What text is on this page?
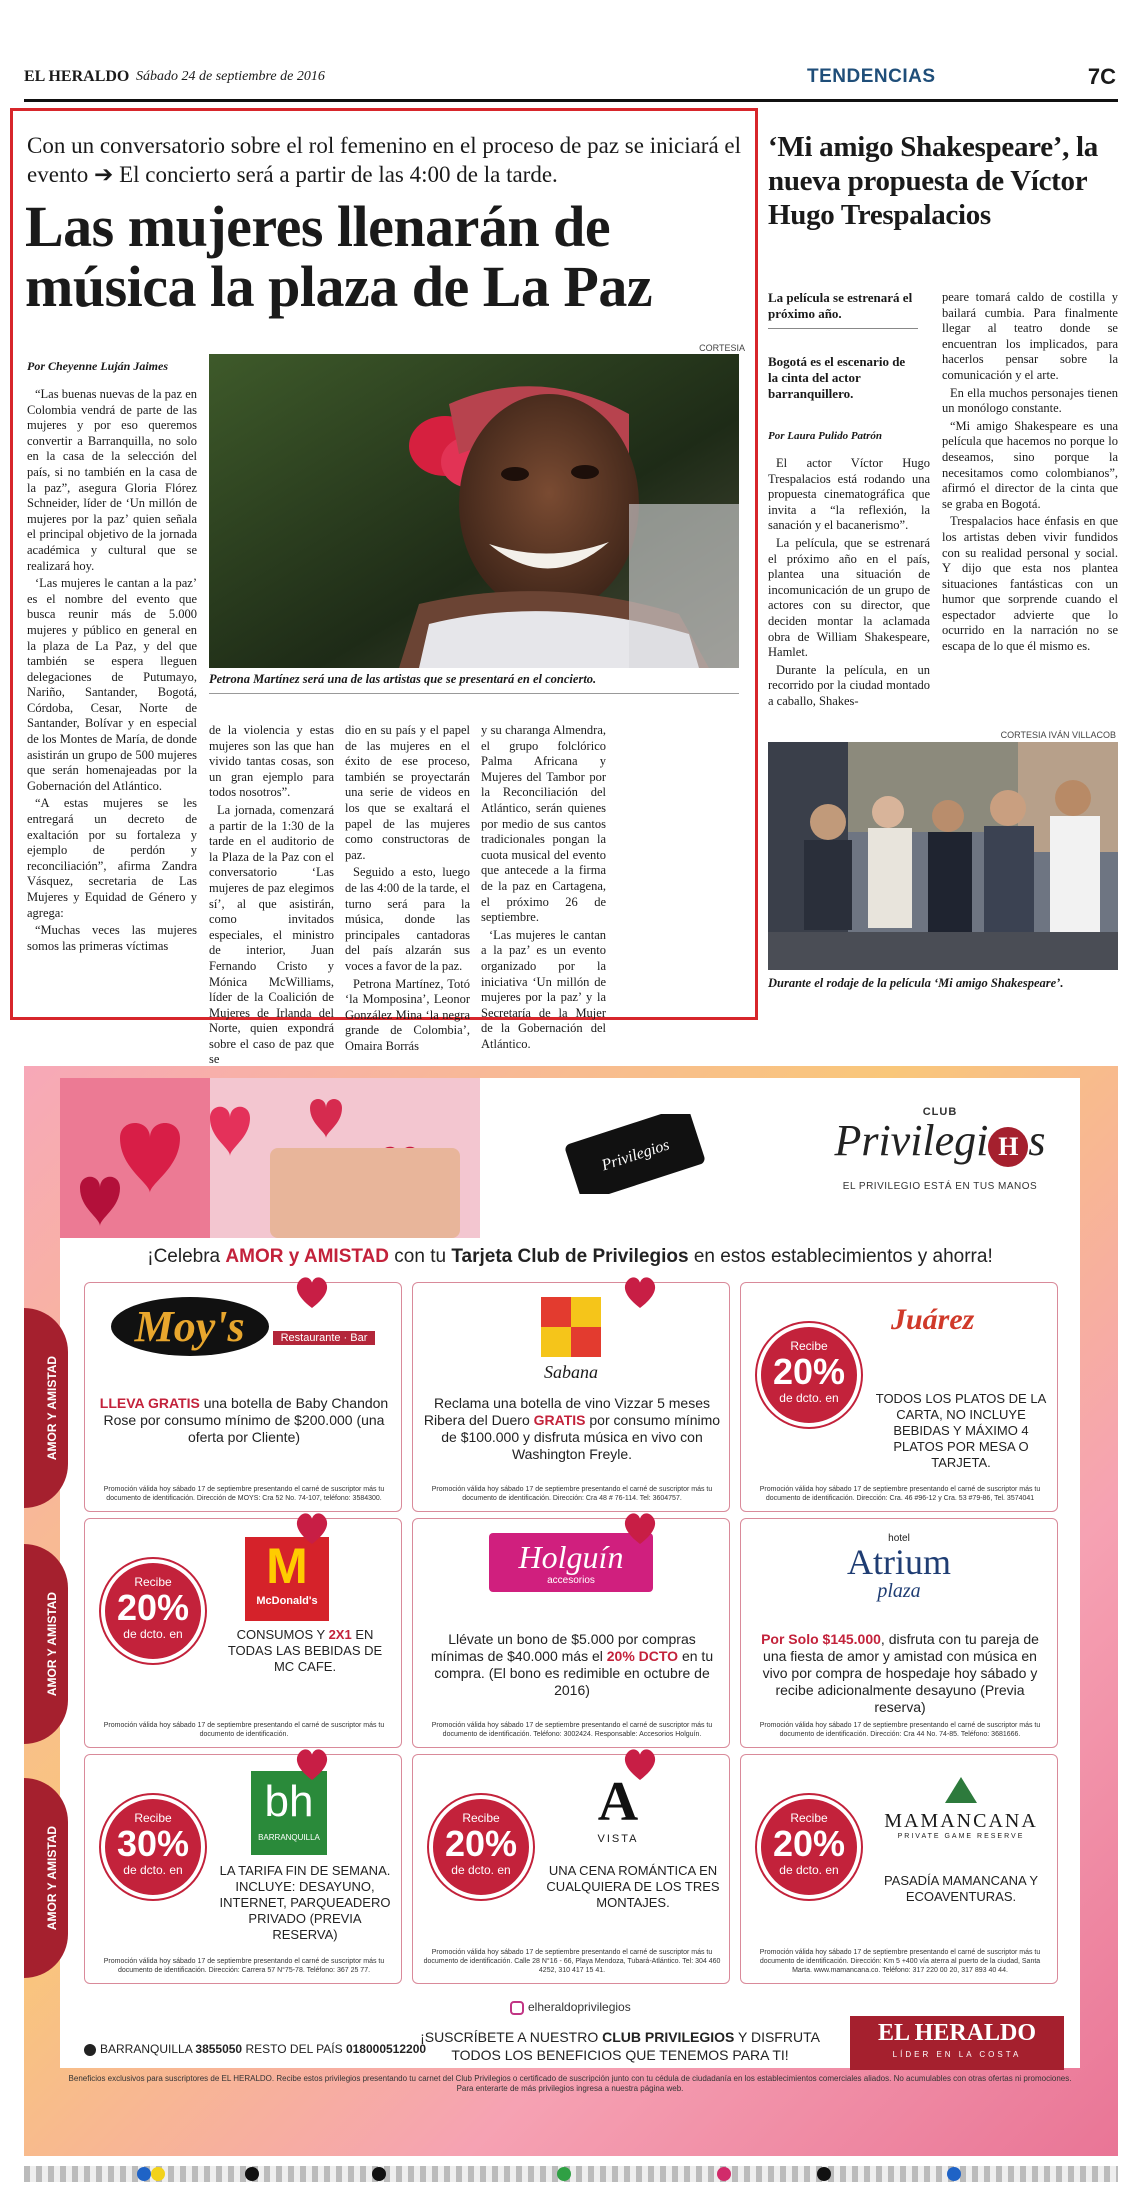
EL HERALDO Sábado 24 de septiembre de 2016	TENDENCIAS	7C
Con un conversatorio sobre el rol femenino en el proceso de paz se iniciará el evento ➔ El concierto será a partir de las 4:00 de la tarde.
Las mujeres llenarán de música la plaza de La Paz
Por Cheyenne Luján Jaimes
CORTESIA
Petrona Martínez será una de las artistas que se presentará en el concierto.

“Las buenas nuevas de la paz en Colombia vendrá de parte de las mujeres y por eso queremos convertir a Barranquilla, no solo en la casa de la selección del país, si no también en la casa de la paz”, asegura Gloria Flórez Schneider, líder de ‘Un millón de mujeres por la paz’ quien señala el principal objetivo de la jornada académica y cultural que se realizará hoy.

‘Las mujeres le cantan a la paz’ es el nombre del evento que busca reunir más de 5.000 mujeres y público en general en la plaza de La Paz, y del que también se espera lleguen delegaciones de Putumayo, Nariño, Santander, Bogotá, Córdoba, Cesar, Norte de Santander, Bolívar y en especial de los Montes de María, de donde asistirán un grupo de 500 mujeres que serán homenajeadas por la Gobernación del Atlántico.

“A estas mujeres se les entregará un decreto de exaltación por su fortaleza y ejemplo de perdón y reconciliación”, afirma Zandra Vásquez, secretaria de Las Mujeres y Equidad de Género y agrega:

“Muchas veces las mujeres somos las primeras víctimas

de la violencia y estas mujeres son las que han vivido tantas cosas, son un gran ejemplo para todos nosotros”.

La jornada, comenzará a partir de la 1:30 de la tarde en el auditorio de la Plaza de la Paz con el conversatorio ‘Las mujeres de paz elegimos sí’, al que asistirán, como invitados especiales, el ministro de interior, Juan Fernando Cristo y Mónica McWilliams, líder de la Coalición de Mujeres de Irlanda del Norte, quien expondrá sobre el caso de paz que se

dio en su país y el papel de las mujeres en el éxito de ese proceso, también se proyectarán una serie de videos en los que se exaltará el papel de las mujeres como constructoras de paz.

Seguido a esto, luego de las 4:00 de la tarde, el turno será para la música, donde las principales cantadoras del país alzarán sus voces a favor de la paz.

Petrona Martínez, Totó ‘la Momposina’, Leonor González Mina ‘la negra grande de Colombia’, Omaira Borrás

y su charanga Almendra, el grupo folclórico Palma Africana y Mujeres del Tambor por la Reconciliación del Atlántico, serán quienes por medio de sus cantos tradicionales pongan la cuota musical del evento que antecede a la firma de la paz en Cartagena, el próximo 26 de septiembre.

‘Las mujeres le cantan a la paz’ es un evento organizado por la iniciativa ‘Un millón de mujeres por la paz’ y la Secretaría de la Mujer de la Gobernación del Atlántico.

‘Mi amigo Shakespeare’, la nueva propuesta de Víctor Hugo Trespalacios
La película se estrenará el próximo año.
Bogotá es el escenario de la cinta del actor barranquillero.
Por Laura Pulido Patrón

El actor Víctor Hugo Trespalacios está rodando una propuesta cinematográfica que invita a “la reflexión, la sanación y el bacanerismo”.

La película, que se estrenará el próximo año en el país, plantea una situación de incomunicación de un grupo de actores con su director, que deciden montar la aclamada obra de William Shakespeare, Hamlet.

Durante la película, en un recorrido por la ciudad montado a caballo, Shakes-

peare tomará caldo de costilla y bailará cumbia. Para finalmente llegar al teatro donde se encuentran los implicados, para hacerlos pensar sobre la comunicación y el arte.

En ella muchos personajes tienen un monólogo constante.

“Mi amigo Shakespeare es una película que hacemos no porque lo deseamos, sino porque la necesitamos como colombianos”, afirmó el director de la cinta que se graba en Bogotá.

Trespalacios hace énfasis en que los artistas deben vivir fundidos con su realidad personal y social. Y dijo que esta nos plantea situaciones fantásticas con un humor que sorprende cuando el espectador advierte que lo ocurrido en la narración no se escapa de lo que él mismo es.

CORTESIA IVÁN VILLACOB
Durante el rodaje de la película ‘Mi amigo Shakespeare’.
Privilegios
CLUB
Privilegi H s
EL PRIVILEGIO ESTÁ EN TUS MANOS
¡Celebra AMOR y AMISTAD con tu Tarjeta Club de Privilegios en estos establecimientos y ahorra!
AMOR Y AMISTAD
AMOR Y AMISTAD
AMOR Y AMISTAD
Moy's	Restaurante · Bar
LLEVA GRATIS una botella de Baby Chandon Rose por consumo mínimo de $200.000 (una oferta por Cliente)
Promoción válida hoy sábado 17 de septiembre presentando el carné de suscriptor más tu documento de identificación. Dirección de MOYS: Cra 52 No. 74-107, teléfono: 3584300.
Sabana
Reclama una botella de vino Vizzar 5 meses Ribera del Duero GRATIS por consumo mínimo de $100.000 y disfruta música en vivo con Washington Freyle.
Promoción válida hoy sábado 17 de septiembre presentando el carné de suscriptor más tu documento de identificación. Dirección: Cra 48 # 76-114. Tel: 3604757.
Recibe
20%
de dcto. en
Juárez
TODOS LOS PLATOS DE LA CARTA, NO INCLUYE BEBIDAS Y MÁXIMO 4 PLATOS POR MESA O TARJETA.
Promoción válida hoy sábado 17 de septiembre presentando el carné de suscriptor más tu documento de identificación. Dirección: Cra. 46 #96-12 y Cra. 53 #79-86, Tel. 3574041
Recibe
20%
de dcto. en
M
McDonald's
CONSUMOS Y 2X1 EN TODAS LAS BEBIDAS DE MC CAFE.
Promoción válida hoy sábado 17 de septiembre presentando el carné de suscriptor más tu documento de identificación.
Holguín
accesorios
Llévate un bono de $5.000 por compras mínimas de $40.000 más el 20% DCTO en tu compra. (El bono es redimible en octubre de 2016)
Promoción válida hoy sábado 17 de septiembre presentando el carné de suscriptor más tu documento de identificación. Teléfono: 3002424. Responsable: Accesorios Holguín.
hotel
Atrium
plaza
Por Solo $145.000, disfruta con tu pareja de una fiesta de amor y amistad con música en vivo por compra de hospedaje hoy sábado y recibe adicionalmente desayuno (Previa reserva)
Promoción válida hoy sábado 17 de septiembre presentando el carné de suscriptor más tu documento de identificación. Dirección: Cra 44 No. 74-85. Teléfono: 3681666.
Recibe
30%
de dcto. en
bh
BARRANQUILLA
LA TARIFA FIN DE SEMANA. INCLUYE: DESAYUNO, INTERNET, PARQUEADERO PRIVADO (PREVIA RESERVA)
Promoción válida hoy sábado 17 de septiembre presentando el carné de suscriptor más tu documento de identificación. Dirección: Carrera 57 N°75-78. Teléfono: 367 25 77.
Recibe
20%
de dcto. en
A
VISTA
UNA CENA ROMÁNTICA EN CUALQUIERA DE LOS TRES MONTAJES.
Promoción válida hoy sábado 17 de septiembre presentando el carné de suscriptor más tu documento de identificación. Calle 28 N°16 - 66, Playa Mendoza, Tubará-Atlántico. Tel: 304 460 4252, 310 417 15 41.
Recibe
20%
de dcto. en
MAMANCANA
PRIVATE GAME RESERVE
PASADÍA MAMANCANA Y ECOAVENTURAS.
Promoción válida hoy sábado 17 de septiembre presentando el carné de suscriptor más tu documento de identificación. Dirección: Km 5 +400 vía aterra al puerto de la ciudad, Santa Marta. www.mamancana.co. Teléfono: 317 220 00 20, 317 893 40 44.
elheraldoprivilegios
BARRANQUILLA 3855050 RESTO DEL PAÍS 018000512200
¡SUSCRÍBETE A NUESTRO CLUB PRIVILEGIOS Y DISFRUTA TODOS LOS BENEFICIOS QUE TENEMOS PARA TI!
EL HERALDO
LÍDER EN LA COSTA
Beneficios exclusivos para suscriptores de EL HERALDO. Recibe estos privilegios presentando tu carnet del Club Privilegios o certificado de suscripción junto con tu cédula de ciudadanía en los establecimientos comerciales aliados. No acumulables con otras ofertas ni promociones. Para enterarte de más privilegios ingresa a nuestra página web.
